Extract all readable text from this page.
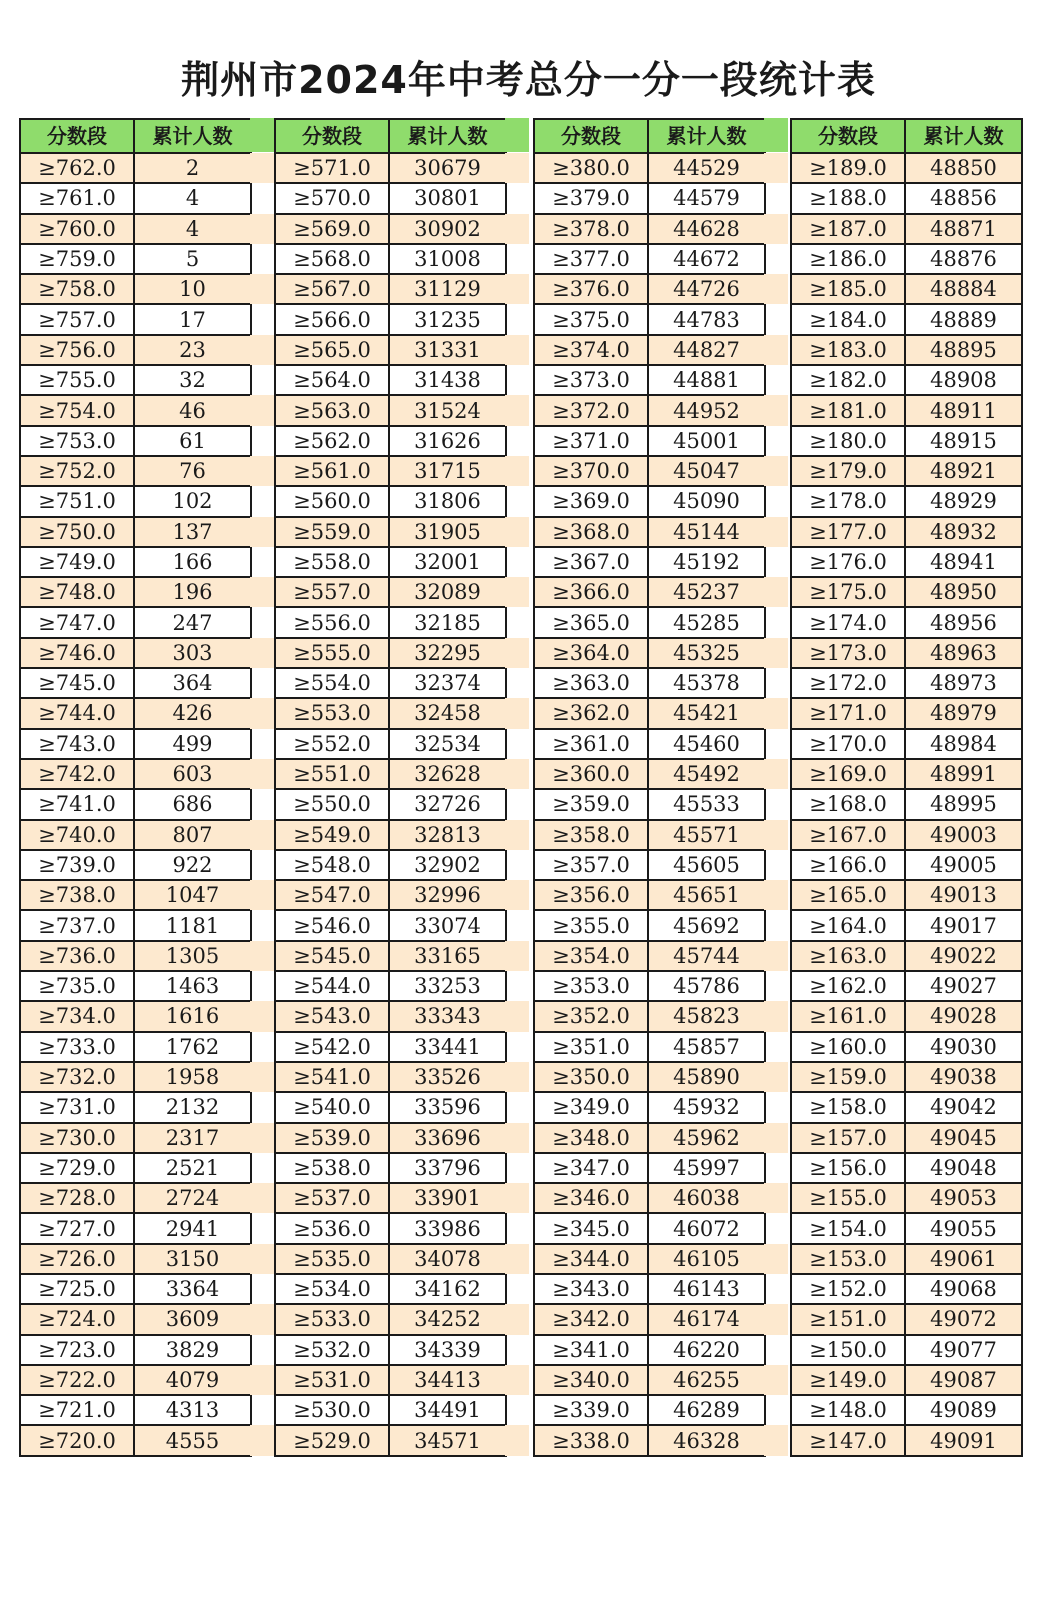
荆州市2024年中考总分一分一段统计表
分数段	累计人数
≥762.0	2
≥761.0	4
≥760.0	4
≥759.0	5
≥758.0	10
≥757.0	17
≥756.0	23
≥755.0	32
≥754.0	46
≥753.0	61
≥752.0	76
≥751.0	102
≥750.0	137
≥749.0	166
≥748.0	196
≥747.0	247
≥746.0	303
≥745.0	364
≥744.0	426
≥743.0	499
≥742.0	603
≥741.0	686
≥740.0	807
≥739.0	922
≥738.0	1047
≥737.0	1181
≥736.0	1305
≥735.0	1463
≥734.0	1616
≥733.0	1762
≥732.0	1958
≥731.0	2132
≥730.0	2317
≥729.0	2521
≥728.0	2724
≥727.0	2941
≥726.0	3150
≥725.0	3364
≥724.0	3609
≥723.0	3829
≥722.0	4079
≥721.0	4313
≥720.0	4555
分数段	累计人数
≥571.0	30679
≥570.0	30801
≥569.0	30902
≥568.0	31008
≥567.0	31129
≥566.0	31235
≥565.0	31331
≥564.0	31438
≥563.0	31524
≥562.0	31626
≥561.0	31715
≥560.0	31806
≥559.0	31905
≥558.0	32001
≥557.0	32089
≥556.0	32185
≥555.0	32295
≥554.0	32374
≥553.0	32458
≥552.0	32534
≥551.0	32628
≥550.0	32726
≥549.0	32813
≥548.0	32902
≥547.0	32996
≥546.0	33074
≥545.0	33165
≥544.0	33253
≥543.0	33343
≥542.0	33441
≥541.0	33526
≥540.0	33596
≥539.0	33696
≥538.0	33796
≥537.0	33901
≥536.0	33986
≥535.0	34078
≥534.0	34162
≥533.0	34252
≥532.0	34339
≥531.0	34413
≥530.0	34491
≥529.0	34571
分数段	累计人数
≥380.0	44529
≥379.0	44579
≥378.0	44628
≥377.0	44672
≥376.0	44726
≥375.0	44783
≥374.0	44827
≥373.0	44881
≥372.0	44952
≥371.0	45001
≥370.0	45047
≥369.0	45090
≥368.0	45144
≥367.0	45192
≥366.0	45237
≥365.0	45285
≥364.0	45325
≥363.0	45378
≥362.0	45421
≥361.0	45460
≥360.0	45492
≥359.0	45533
≥358.0	45571
≥357.0	45605
≥356.0	45651
≥355.0	45692
≥354.0	45744
≥353.0	45786
≥352.0	45823
≥351.0	45857
≥350.0	45890
≥349.0	45932
≥348.0	45962
≥347.0	45997
≥346.0	46038
≥345.0	46072
≥344.0	46105
≥343.0	46143
≥342.0	46174
≥341.0	46220
≥340.0	46255
≥339.0	46289
≥338.0	46328
分数段	累计人数
≥189.0	48850
≥188.0	48856
≥187.0	48871
≥186.0	48876
≥185.0	48884
≥184.0	48889
≥183.0	48895
≥182.0	48908
≥181.0	48911
≥180.0	48915
≥179.0	48921
≥178.0	48929
≥177.0	48932
≥176.0	48941
≥175.0	48950
≥174.0	48956
≥173.0	48963
≥172.0	48973
≥171.0	48979
≥170.0	48984
≥169.0	48991
≥168.0	48995
≥167.0	49003
≥166.0	49005
≥165.0	49013
≥164.0	49017
≥163.0	49022
≥162.0	49027
≥161.0	49028
≥160.0	49030
≥159.0	49038
≥158.0	49042
≥157.0	49045
≥156.0	49048
≥155.0	49053
≥154.0	49055
≥153.0	49061
≥152.0	49068
≥151.0	49072
≥150.0	49077
≥149.0	49087
≥148.0	49089
≥147.0	49091
